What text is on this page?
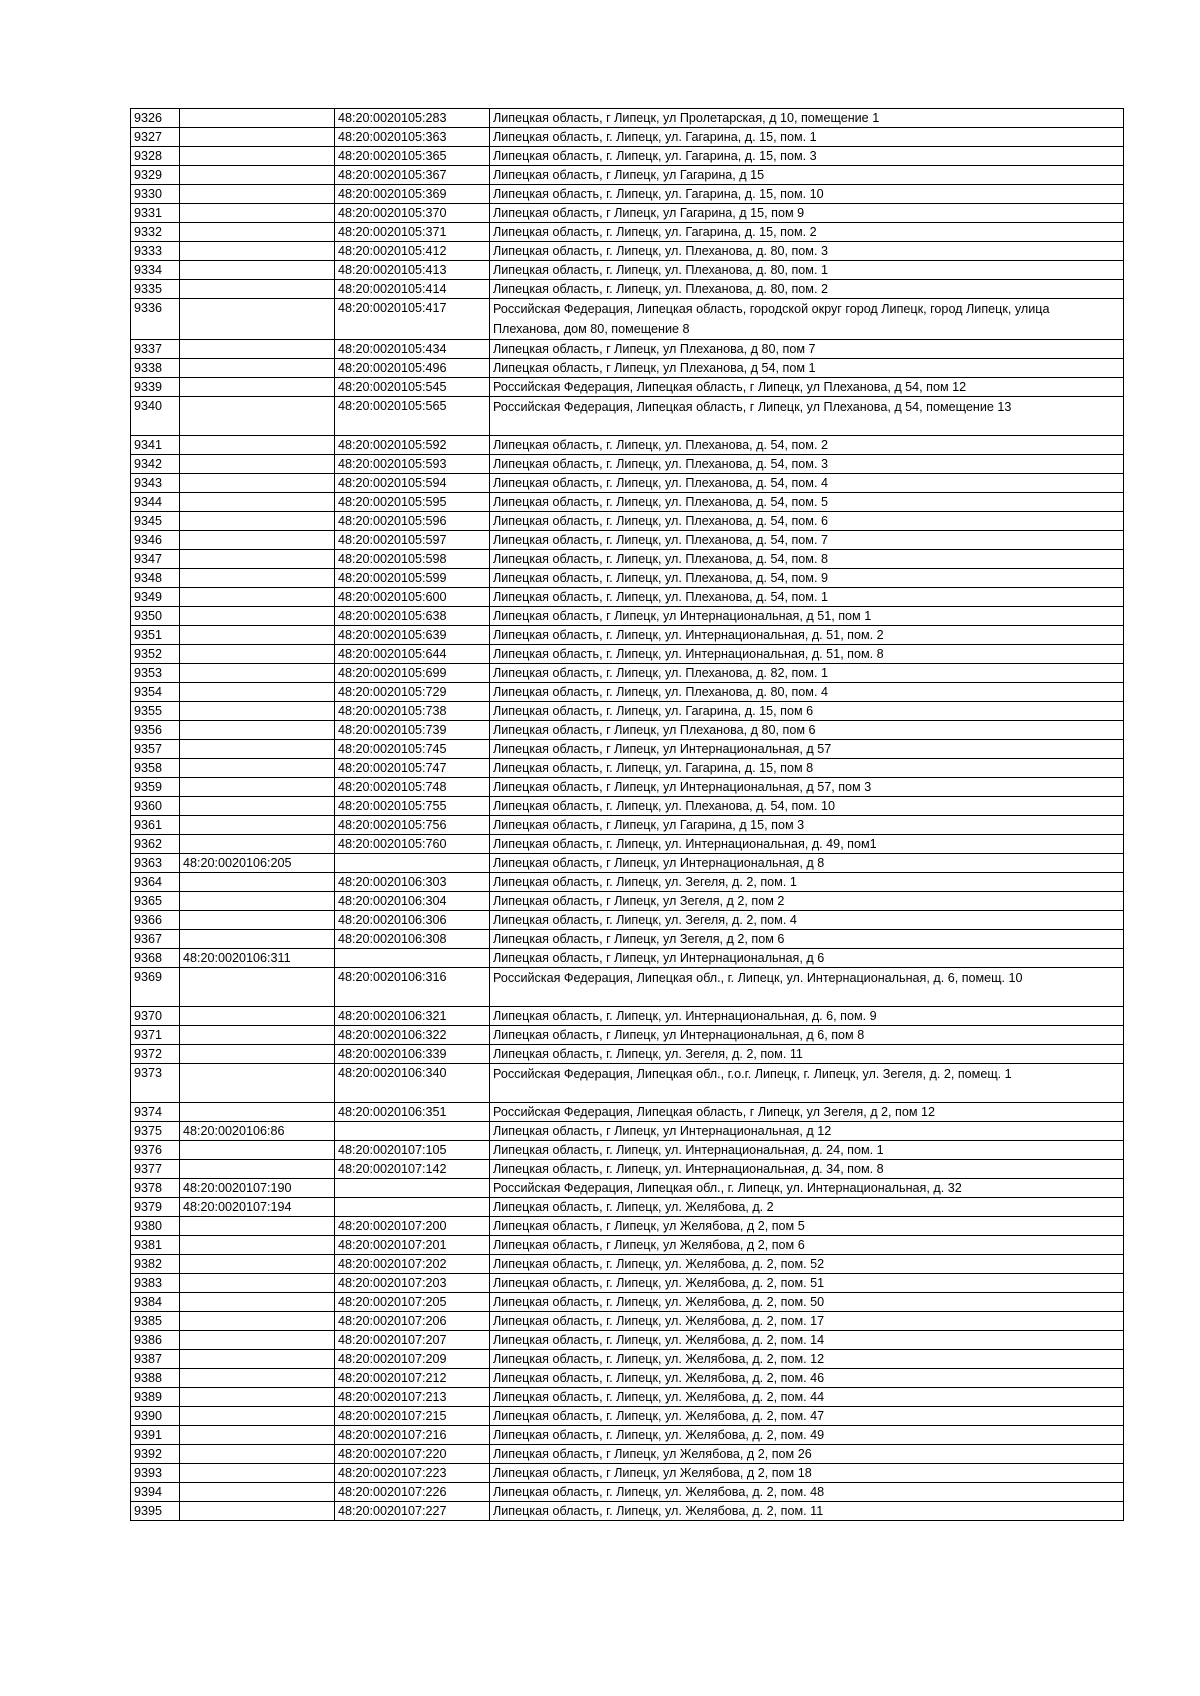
9326		48:20:0020105:283	Липецкая область, г Липецк, ул Пролетарская, д 10, помещение 1
9327		48:20:0020105:363	Липецкая область, г. Липецк, ул. Гагарина, д. 15, пом. 1
9328		48:20:0020105:365	Липецкая область, г. Липецк, ул. Гагарина, д. 15, пом. 3
9329		48:20:0020105:367	Липецкая область, г Липецк, ул Гагарина, д 15
9330		48:20:0020105:369	Липецкая область, г. Липецк, ул. Гагарина, д. 15, пом. 10
9331		48:20:0020105:370	Липецкая область, г Липецк, ул Гагарина, д 15, пом 9
9332		48:20:0020105:371	Липецкая область, г. Липецк, ул. Гагарина, д. 15, пом. 2
9333		48:20:0020105:412	Липецкая область, г. Липецк, ул. Плеханова, д. 80, пом. 3
9334		48:20:0020105:413	Липецкая область, г. Липецк, ул. Плеханова, д. 80, пом. 1
9335		48:20:0020105:414	Липецкая область, г. Липецк, ул. Плеханова, д. 80, пом. 2
9336		48:20:0020105:417	Российская Федерация, Липецкая область, городской округ город Липецк, город Липецк, улица Плеханова, дом 80, помещение 8
9337		48:20:0020105:434	Липецкая область, г Липецк, ул Плеханова, д 80, пом 7
9338		48:20:0020105:496	Липецкая область, г Липецк, ул Плеханова, д 54, пом 1
9339		48:20:0020105:545	Российская Федерация, Липецкая область, г Липецк, ул Плеханова, д 54, пом 12
9340		48:20:0020105:565	Российская Федерация, Липецкая область, г Липецк, ул Плеханова, д 54, помещение 13
9341		48:20:0020105:592	Липецкая область, г. Липецк, ул. Плеханова, д. 54, пом. 2
9342		48:20:0020105:593	Липецкая область, г. Липецк, ул. Плеханова, д. 54, пом. 3
9343		48:20:0020105:594	Липецкая область, г. Липецк, ул. Плеханова, д. 54, пом. 4
9344		48:20:0020105:595	Липецкая область, г. Липецк, ул. Плеханова, д. 54, пом. 5
9345		48:20:0020105:596	Липецкая область, г. Липецк, ул. Плеханова, д. 54, пом. 6
9346		48:20:0020105:597	Липецкая область, г. Липецк, ул. Плеханова, д. 54, пом. 7
9347		48:20:0020105:598	Липецкая область, г. Липецк, ул. Плеханова, д. 54, пом. 8
9348		48:20:0020105:599	Липецкая область, г. Липецк, ул. Плеханова, д. 54, пом. 9
9349		48:20:0020105:600	Липецкая область, г. Липецк, ул. Плеханова, д. 54, пом. 1
9350		48:20:0020105:638	Липецкая область, г Липецк, ул Интернациональная, д 51, пом 1
9351		48:20:0020105:639	Липецкая область, г. Липецк, ул. Интернациональная, д. 51, пом. 2
9352		48:20:0020105:644	Липецкая область, г. Липецк, ул. Интернациональная, д. 51, пом. 8
9353		48:20:0020105:699	Липецкая область, г. Липецк, ул. Плеханова, д. 82, пом. 1
9354		48:20:0020105:729	Липецкая область, г. Липецк, ул. Плеханова, д. 80, пом. 4
9355		48:20:0020105:738	Липецкая область, г. Липецк, ул. Гагарина, д. 15, пом 6
9356		48:20:0020105:739	Липецкая область, г Липецк, ул Плеханова, д 80, пом 6
9357		48:20:0020105:745	Липецкая область, г Липецк, ул Интернациональная, д 57
9358		48:20:0020105:747	Липецкая область, г. Липецк, ул. Гагарина, д. 15, пом 8
9359		48:20:0020105:748	Липецкая область, г Липецк, ул Интернациональная, д 57, пом 3
9360		48:20:0020105:755	Липецкая область, г. Липецк, ул. Плеханова, д. 54, пом. 10
9361		48:20:0020105:756	Липецкая область, г Липецк, ул Гагарина, д 15, пом 3
9362		48:20:0020105:760	Липецкая область, г. Липецк, ул. Интернациональная, д. 49, пом1
9363	48:20:0020106:205		Липецкая область, г Липецк, ул Интернациональная, д 8
9364		48:20:0020106:303	Липецкая область, г. Липецк, ул. Зегеля, д. 2, пом. 1
9365		48:20:0020106:304	Липецкая область, г Липецк, ул Зегеля, д 2, пом 2
9366		48:20:0020106:306	Липецкая область, г. Липецк, ул. Зегеля, д. 2, пом. 4
9367		48:20:0020106:308	Липецкая область, г Липецк, ул Зегеля, д 2, пом 6
9368	48:20:0020106:311		Липецкая область, г Липецк, ул Интернациональная, д 6
9369		48:20:0020106:316	Российская Федерация, Липецкая обл., г. Липецк, ул. Интернациональная, д. 6, помещ. 10
9370		48:20:0020106:321	Липецкая область, г. Липецк, ул. Интернациональная, д. 6, пом. 9
9371		48:20:0020106:322	Липецкая область, г Липецк, ул Интернациональная, д 6, пом 8
9372		48:20:0020106:339	Липецкая область, г. Липецк, ул. Зегеля, д. 2, пом. 11
9373		48:20:0020106:340	Российская Федерация, Липецкая обл., г.о.г. Липецк, г. Липецк, ул. Зегеля, д. 2, помещ. 1
9374		48:20:0020106:351	Российская Федерация, Липецкая область, г Липецк, ул Зегеля, д 2, пом 12
9375	48:20:0020106:86		Липецкая область, г Липецк, ул Интернациональная, д 12
9376		48:20:0020107:105	Липецкая область, г. Липецк, ул. Интернациональная, д. 24, пом. 1
9377		48:20:0020107:142	Липецкая область, г. Липецк, ул. Интернациональная, д. 34, пом. 8
9378	48:20:0020107:190		Российская Федерация, Липецкая обл., г. Липецк, ул. Интернациональная, д. 32
9379	48:20:0020107:194		Липецкая область, г. Липецк, ул. Желябова, д. 2
9380		48:20:0020107:200	Липецкая область, г Липецк, ул Желябова, д 2, пом 5
9381		48:20:0020107:201	Липецкая область, г Липецк, ул Желябова, д 2, пом 6
9382		48:20:0020107:202	Липецкая область, г. Липецк, ул. Желябова, д. 2, пом. 52
9383		48:20:0020107:203	Липецкая область, г. Липецк, ул. Желябова, д. 2, пом. 51
9384		48:20:0020107:205	Липецкая область, г. Липецк, ул. Желябова, д. 2, пом. 50
9385		48:20:0020107:206	Липецкая область, г. Липецк, ул. Желябова, д. 2, пом. 17
9386		48:20:0020107:207	Липецкая область, г. Липецк, ул. Желябова, д. 2, пом. 14
9387		48:20:0020107:209	Липецкая область, г. Липецк, ул. Желябова, д. 2, пом. 12
9388		48:20:0020107:212	Липецкая область, г. Липецк, ул. Желябова, д. 2, пом. 46
9389		48:20:0020107:213	Липецкая область, г. Липецк, ул. Желябова, д. 2, пом. 44
9390		48:20:0020107:215	Липецкая область, г. Липецк, ул. Желябова, д. 2, пом. 47
9391		48:20:0020107:216	Липецкая область, г. Липецк, ул. Желябова, д. 2, пом. 49
9392		48:20:0020107:220	Липецкая область, г Липецк, ул Желябова, д 2, пом 26
9393		48:20:0020107:223	Липецкая область, г Липецк, ул Желябова, д 2, пом 18
9394		48:20:0020107:226	Липецкая область, г. Липецк, ул. Желябова, д. 2, пом. 48
9395		48:20:0020107:227	Липецкая область, г. Липецк, ул. Желябова, д. 2, пом. 11
